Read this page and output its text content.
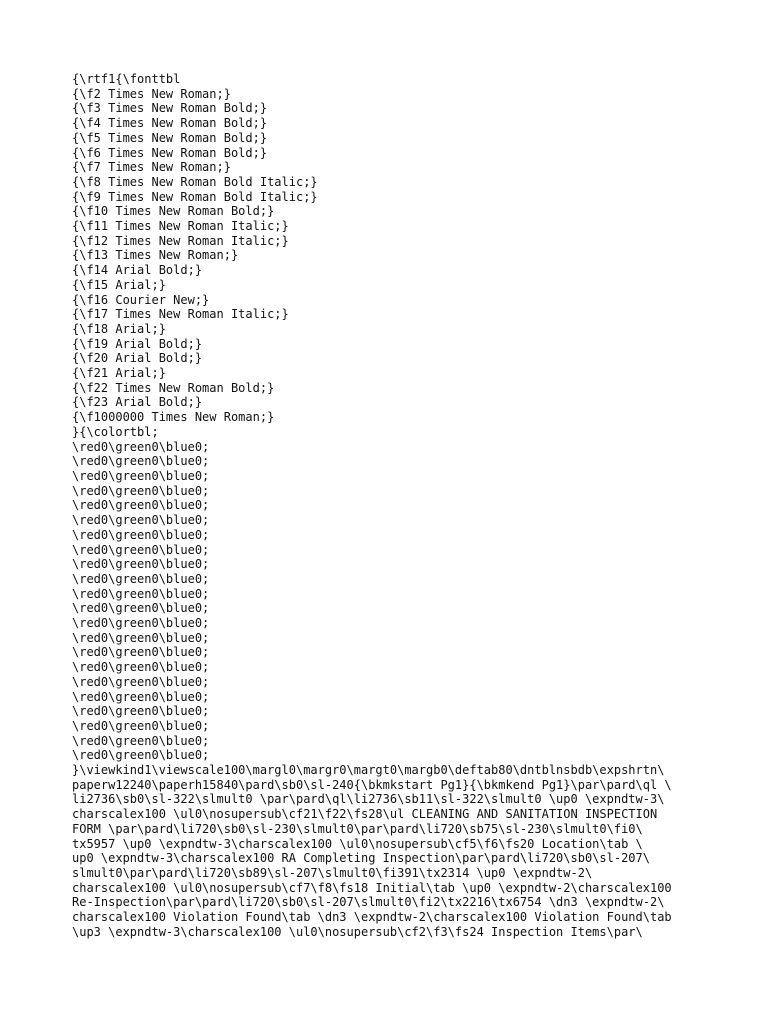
{\rtf1{\fonttbl
{\f2 Times New Roman;}
{\f3 Times New Roman Bold;}
{\f4 Times New Roman Bold;}
{\f5 Times New Roman Bold;}
{\f6 Times New Roman Bold;}
{\f7 Times New Roman;}
{\f8 Times New Roman Bold Italic;}
{\f9 Times New Roman Bold Italic;}
{\f10 Times New Roman Bold;}
{\f11 Times New Roman Italic;}
{\f12 Times New Roman Italic;}
{\f13 Times New Roman;}
{\f14 Arial Bold;}
{\f15 Arial;}
{\f16 Courier New;}
{\f17 Times New Roman Italic;}
{\f18 Arial;}
{\f19 Arial Bold;}
{\f20 Arial Bold;}
{\f21 Arial;}
{\f22 Times New Roman Bold;}
{\f23 Arial Bold;}
{\f1000000 Times New Roman;}
}{\colortbl;
\red0\green0\blue0;
\red0\green0\blue0;
\red0\green0\blue0;
\red0\green0\blue0;
\red0\green0\blue0;
\red0\green0\blue0;
\red0\green0\blue0;
\red0\green0\blue0;
\red0\green0\blue0;
\red0\green0\blue0;
\red0\green0\blue0;
\red0\green0\blue0;
\red0\green0\blue0;
\red0\green0\blue0;
\red0\green0\blue0;
\red0\green0\blue0;
\red0\green0\blue0;
\red0\green0\blue0;
\red0\green0\blue0;
\red0\green0\blue0;
\red0\green0\blue0;
\red0\green0\blue0;
}\viewkind1\viewscale100\margl0\margr0\margt0\margb0\deftab80\dntblnsbdb\expshrtn\
paperw12240\paperh15840\pard\sb0\sl-240{\bkmkstart Pg1}{\bkmkend Pg1}\par\pard\ql \
li2736\sb0\sl-322\slmult0 \par\pard\ql\li2736\sb11\sl-322\slmult0 \up0 \expndtw-3\
charscalex100 \ul0\nosupersub\cf21\f22\fs28\ul CLEANING AND SANITATION INSPECTION
FORM \par\pard\li720\sb0\sl-230\slmult0\par\pard\li720\sb75\sl-230\slmult0\fi0\
tx5957 \up0 \expndtw-3\charscalex100 \ul0\nosupersub\cf5\f6\fs20 Location\tab \
up0 \expndtw-3\charscalex100 RA Completing Inspection\par\pard\li720\sb0\sl-207\
slmult0\par\pard\li720\sb89\sl-207\slmult0\fi391\tx2314 \up0 \expndtw-2\
charscalex100 \ul0\nosupersub\cf7\f8\fs18 Initial\tab \up0 \expndtw-2\charscalex100
Re-Inspection\par\pard\li720\sb0\sl-207\slmult0\fi2\tx2216\tx6754 \dn3 \expndtw-2\
charscalex100 Violation Found\tab \dn3 \expndtw-2\charscalex100 Violation Found\tab
\up3 \expndtw-3\charscalex100 \ul0\nosupersub\cf2\f3\fs24 Inspection Items\par\
